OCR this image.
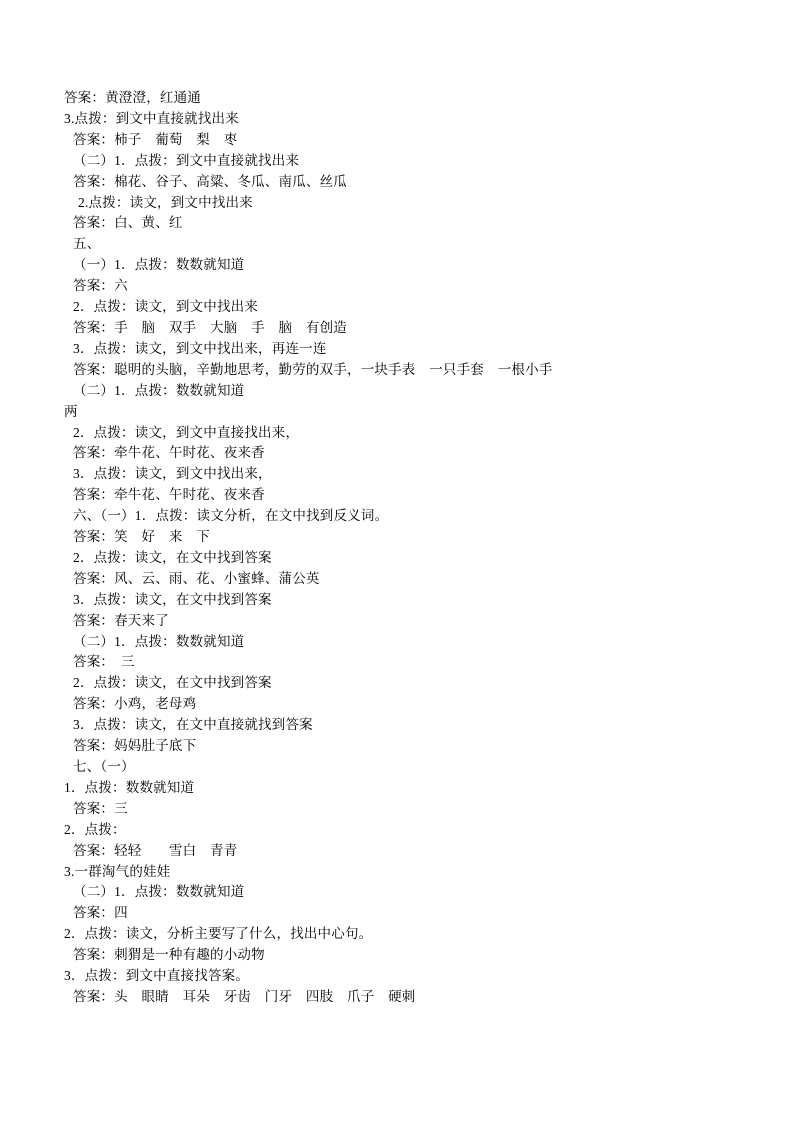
答案：黄澄澄，红通通
3.点拨：到文中直接就找出来
答案：柿子　葡萄　梨　枣
（二）1．点拨：到文中直接就找出来
答案：棉花、谷子、高粱、冬瓜、南瓜、丝瓜
2.点拨：读文，到文中找出来
答案：白、黄、红
五、
（一）1．点拨：数数就知道
答案：六
2．点拨：读文，到文中找出来
答案：手　脑　双手　大脑　手　脑　有创造
3．点拨：读文，到文中找出来，再连一连
答案：聪明的头脑，辛勤地思考，勤劳的双手，一块手表　一只手套　一根小手
（二）1．点拨：数数就知道
两
2．点拨：读文，到文中直接找出来，
答案：牵牛花、午时花、夜来香
3．点拨：读文，到文中找出来，
答案：牵牛花、午时花、夜来香
六、（一）1．点拨：读文分析，在文中找到反义词。
答案：笑　好　来　下
2．点拨：读文，在文中找到答案
答案：风、云、雨、花、小蜜蜂、蒲公英
3．点拨：读文，在文中找到答案
答案：春天来了
（二）1．点拨：数数就知道
答案：　三
2．点拨：读文，在文中找到答案
答案：小鸡，老母鸡
3．点拨：读文，在文中直接就找到答案
答案：妈妈肚子底下
七、（一）
1．点拨：数数就知道
答案：三
2．点拨：
答案：轻轻　　雪白　青青
3.一群淘气的娃娃
（二）1．点拨：数数就知道
答案：四
2．点拨：读文，分析主要写了什么，找出中心句。
答案：刺猬是一种有趣的小动物
3．点拨：到文中直接找答案。
答案：头　眼睛　耳朵　牙齿　门牙　四肢　爪子　硬刺
